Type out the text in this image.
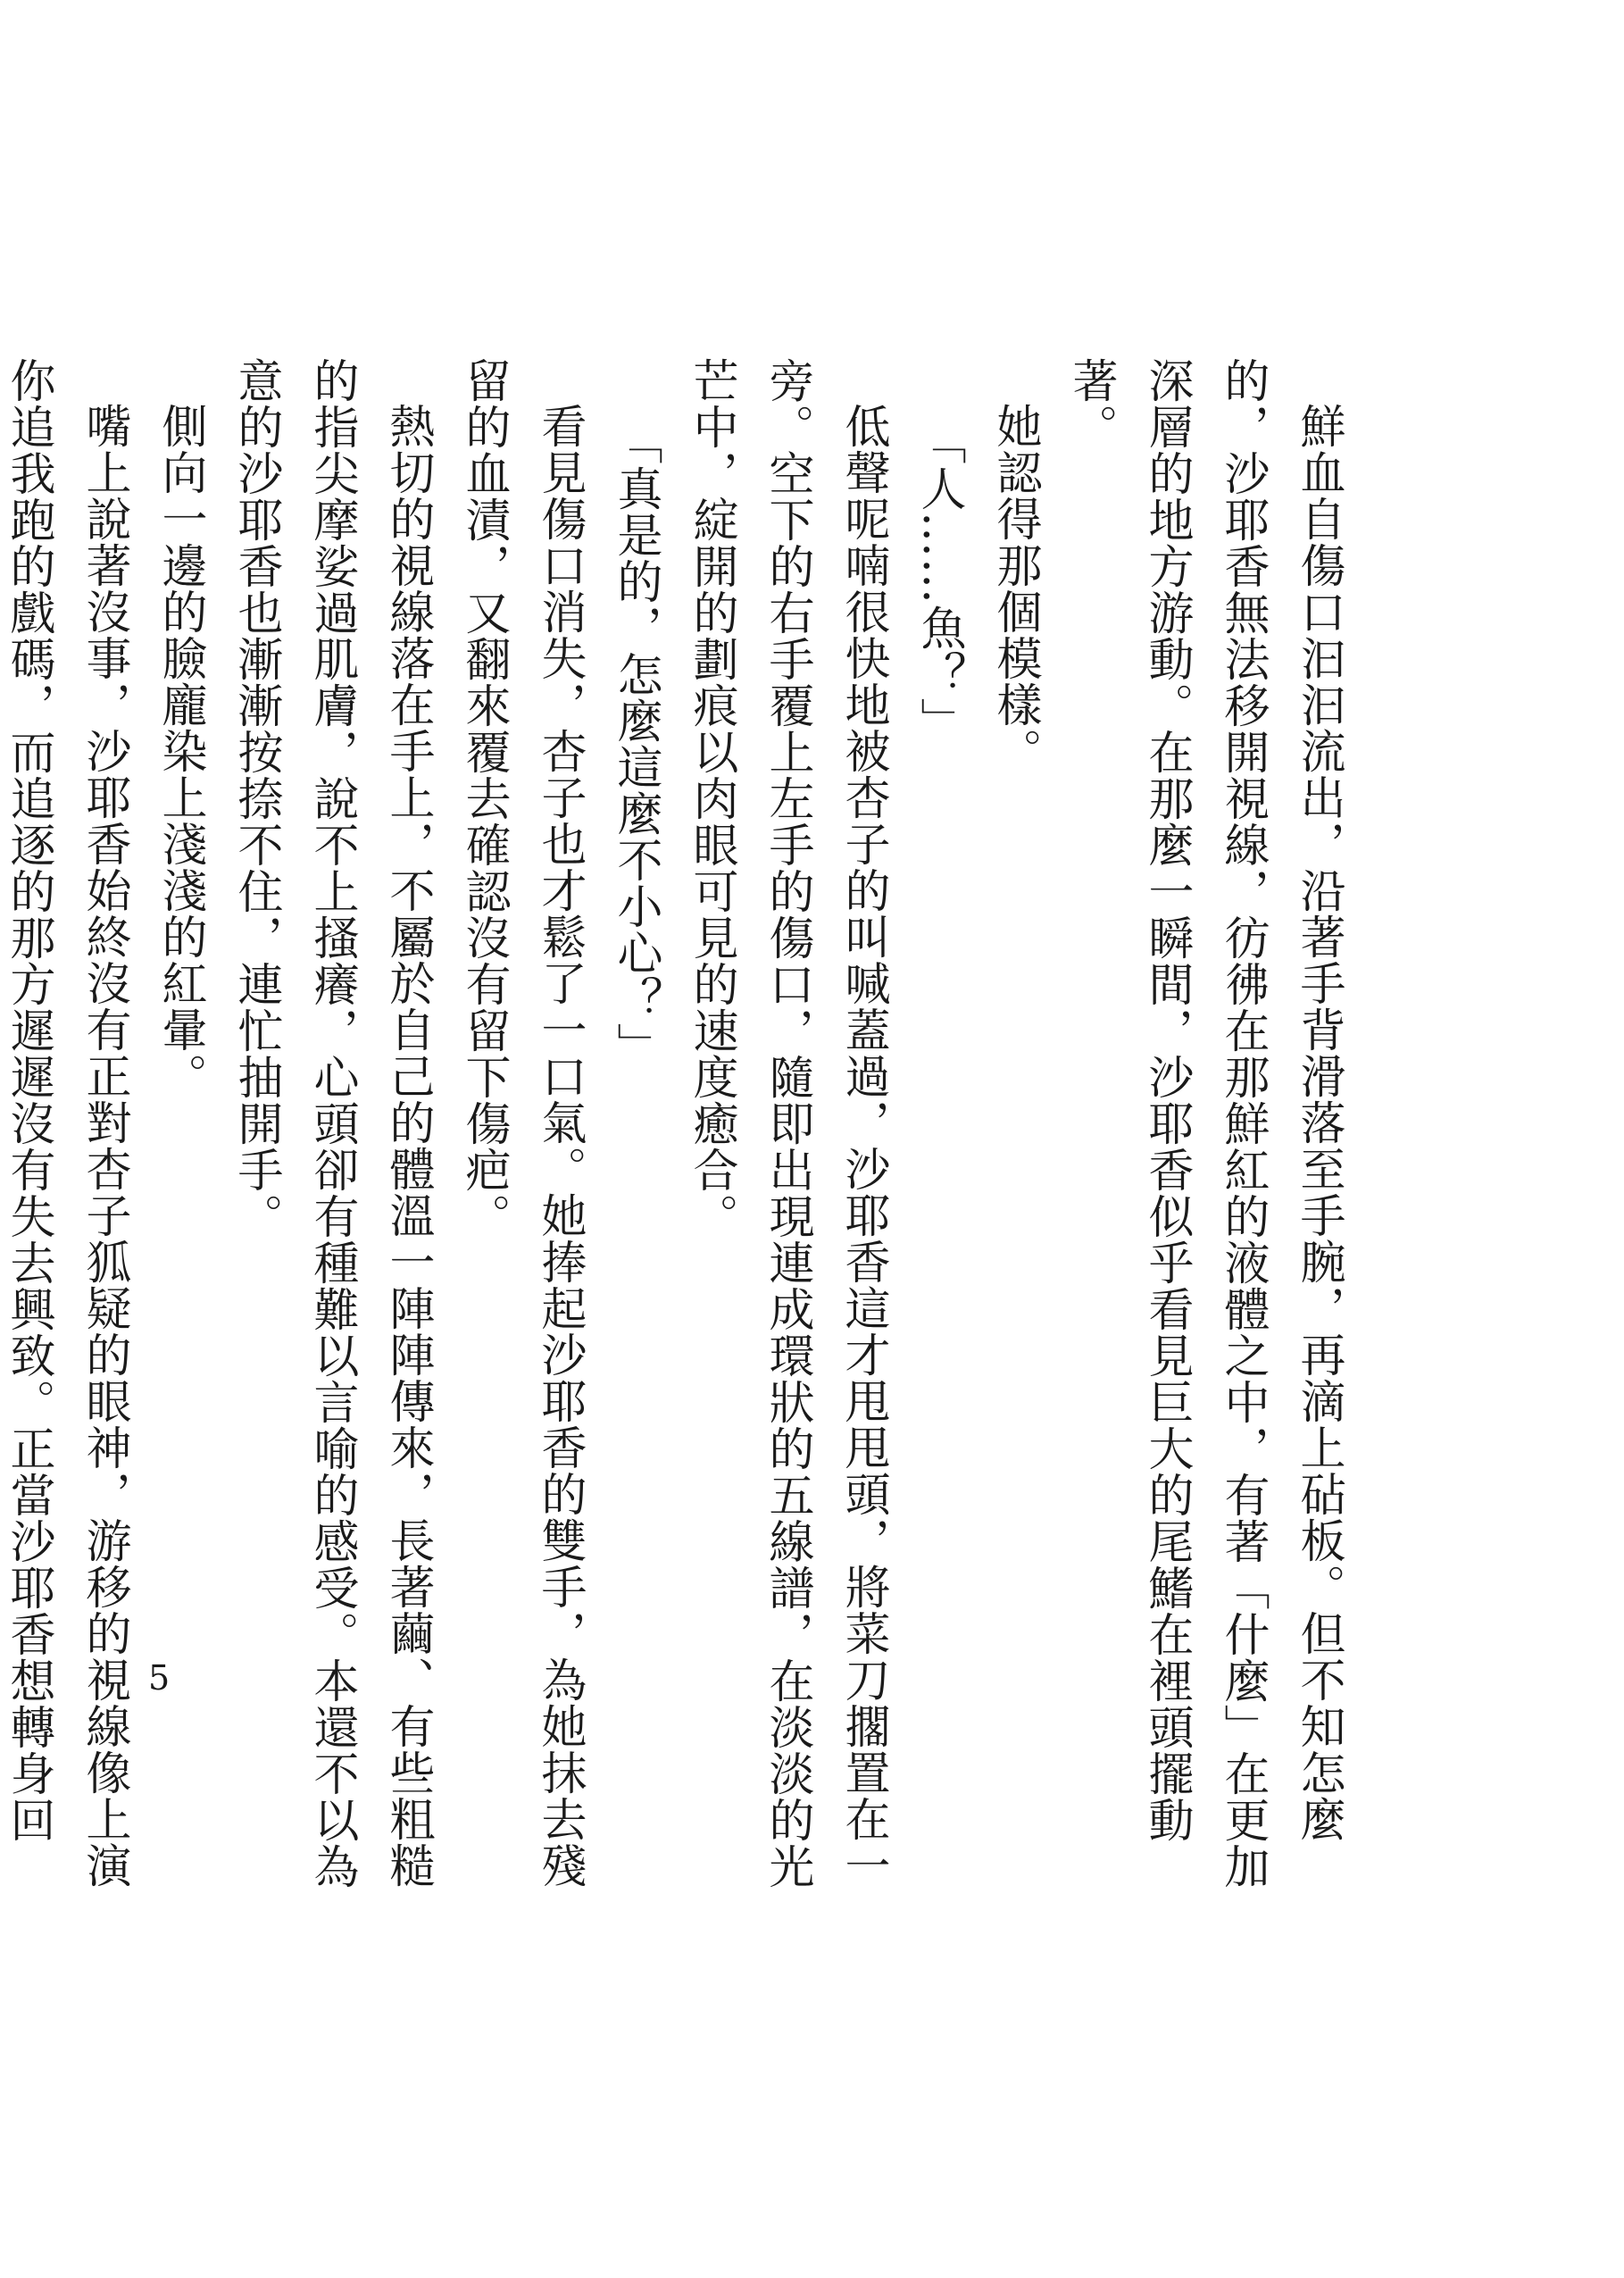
鮮血自傷口汩汩流出，沿著手背滑落至手腕，再滴上砧板。但不知怎麼的，沙耶香無法移開視線，彷彿在那鮮紅的液體之中，有著「什麼」在更加深層的地方游動。在那麼一瞬間，沙耶香似乎看見巨大的尾鰭在裡頭擺動著。

她認得那個模樣。

「人……魚？」

低聲呢喃很快地被杏子的叫喊蓋過，沙耶香這才甩甩頭，將菜刀擱置在一旁。空下的右手覆上左手的傷口，隨即出現連成環狀的五線譜，在淡淡的光芒中，綻開的劃痕以肉眼可見的速度癒合。

「真是的，怎麼這麼不小心？」

看見傷口消失，杏子也才鬆了一口氣。她捧起沙耶香的雙手，為她抹去殘留的血漬，又翻來覆去確認沒有留下傷疤。

熱切的視線落在手上，不屬於自己的體溫一陣陣傳來，長著繭、有些粗糙的指尖摩娑過肌膚，說不上搔癢，心頭卻有種難以言喻的感受。本還不以為意的沙耶香也漸漸按捺不住，連忙抽開手。

側向一邊的臉龐染上淺淺的紅暈。

嘴上說著沒事，沙耶香始終沒有正對杏子狐疑的眼神，游移的視線像上演你追我跑的戲碼，而追逐的那方遲遲沒有失去興致。正當沙耶香想轉身回

5
